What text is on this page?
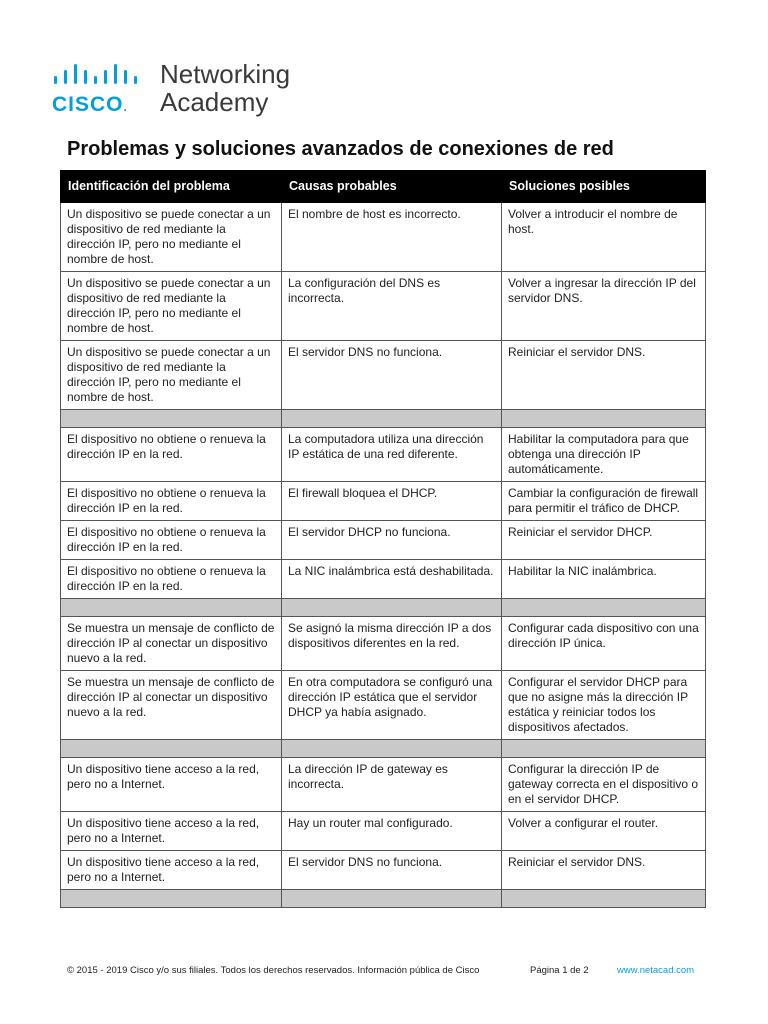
CISCO.
Networking
Academy
Problemas y soluciones avanzados de conexiones de red
Identificación del problema	Causas probables	Soluciones posibles
Un dispositivo se puede conectar a un dispositivo de red mediante la dirección IP, pero no mediante el nombre de host.	El nombre de host es incorrecto.	Volver a introducir el nombre de host.
Un dispositivo se puede conectar a un dispositivo de red mediante la dirección IP, pero no mediante el nombre de host.	La configuración del DNS es incorrecta.	Volver a ingresar la dirección IP del servidor DNS.
Un dispositivo se puede conectar a un dispositivo de red mediante la dirección IP, pero no mediante el nombre de host.	El servidor DNS no funciona.	Reiniciar el servidor DNS.

El dispositivo no obtiene o renueva la dirección IP en la red.	La computadora utiliza una dirección IP estática de una red diferente.	Habilitar la computadora para que obtenga una dirección IP automáticamente.
El dispositivo no obtiene o renueva la dirección IP en la red.	El firewall bloquea el DHCP.	Cambiar la configuración de firewall para permitir el tráfico de DHCP.
El dispositivo no obtiene o renueva la dirección IP en la red.	El servidor DHCP no funciona.	Reiniciar el servidor DHCP.
El dispositivo no obtiene o renueva la dirección IP en la red.	La NIC inalámbrica está deshabilitada.	Habilitar la NIC inalámbrica.

Se muestra un mensaje de conflicto de dirección IP al conectar un dispositivo nuevo a la red.	Se asignó la misma dirección IP a dos dispositivos diferentes en la red.	Configurar cada dispositivo con una dirección IP única.
Se muestra un mensaje de conflicto de dirección IP al conectar un dispositivo nuevo a la red.	En otra computadora se configuró una dirección IP estática que el servidor DHCP ya había asignado.	Configurar el servidor DHCP para que no asigne más la dirección IP estática y reiniciar todos los dispositivos afectados.

Un dispositivo tiene acceso a la red, pero no a Internet.	La dirección IP de gateway es incorrecta.	Configurar la dirección IP de gateway correcta en el dispositivo o en el servidor DHCP.
Un dispositivo tiene acceso a la red, pero no a Internet.	Hay un router mal configurado.	Volver a configurar el router.
Un dispositivo tiene acceso a la red, pero no a Internet.	El servidor DNS no funciona.	Reiniciar el servidor DNS.

© 2015 - 2019 Cisco y/o sus filiales. Todos los derechos reservados. Información pública de Cisco	Página 1 de 2	www.netacad.com
